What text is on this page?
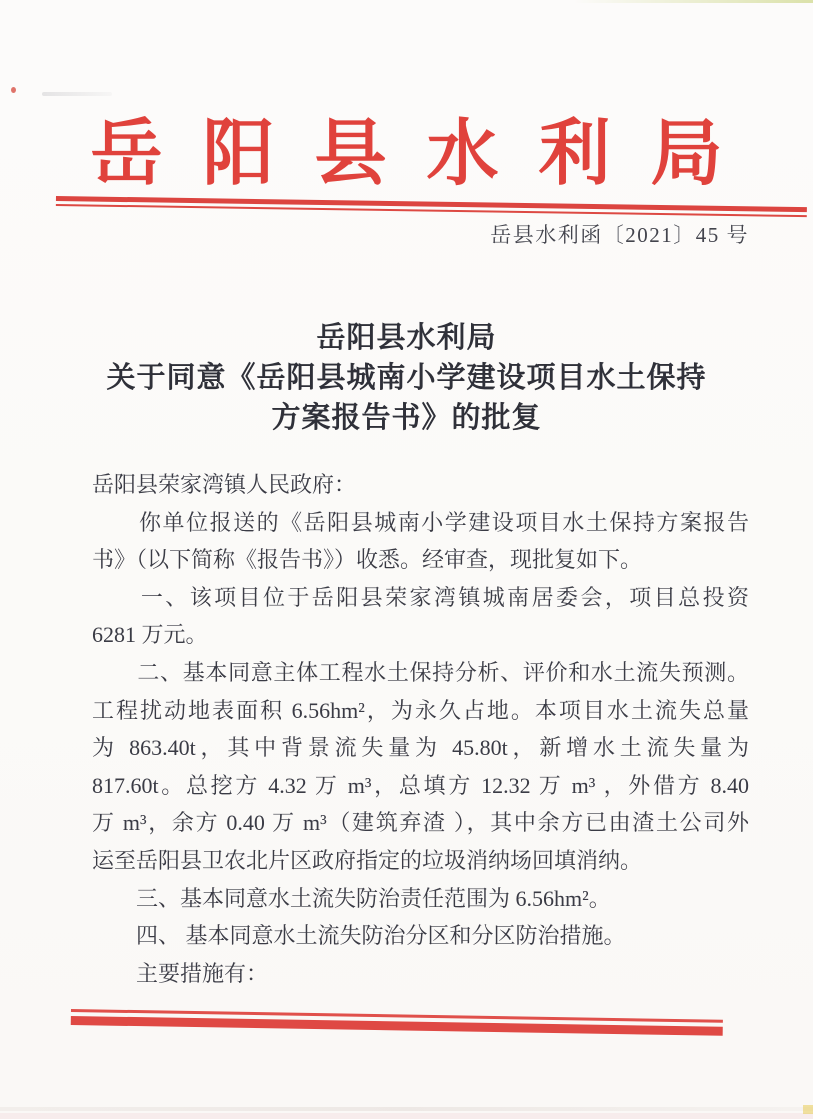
岳阳县水利局
岳县水利函〔2021〕45 号
岳阳县水利局
关于同意《岳阳县城南小学建设项目水土保持
方案报告书》的批复
岳阳县荣家湾镇人民政府：
　　你单位报送的《岳阳县城南小学建设项目水土保持方案报告
书》（以下简称《报告书》）收悉。经审查，现批复如下。
　　一、该项目位于岳阳县荣家湾镇城南居委会，项目总投资
6281 万元。
　　二、基本同意主体工程水土保持分析、评价和水土流失预测。
工程扰动地表面积 6.56hm²，为永久占地。本项目水土流失总量
为 863.40t，其中背景流失量为 45.80t，新增水土流失量为
817.60t。总挖方 4.32 万 m³，总填方 12.32 万 m³ ，外借方 8.40
万 m³，余方 0.40 万 m³（建筑弃渣 ），其中余方已由渣土公司外
运至岳阳县卫农北片区政府指定的垃圾消纳场回填消纳。
　　三、基本同意水土流失防治责任范围为 6.56hm²。
　　四、 基本同意水土流失防治分区和分区防治措施。
　　主要措施有：
